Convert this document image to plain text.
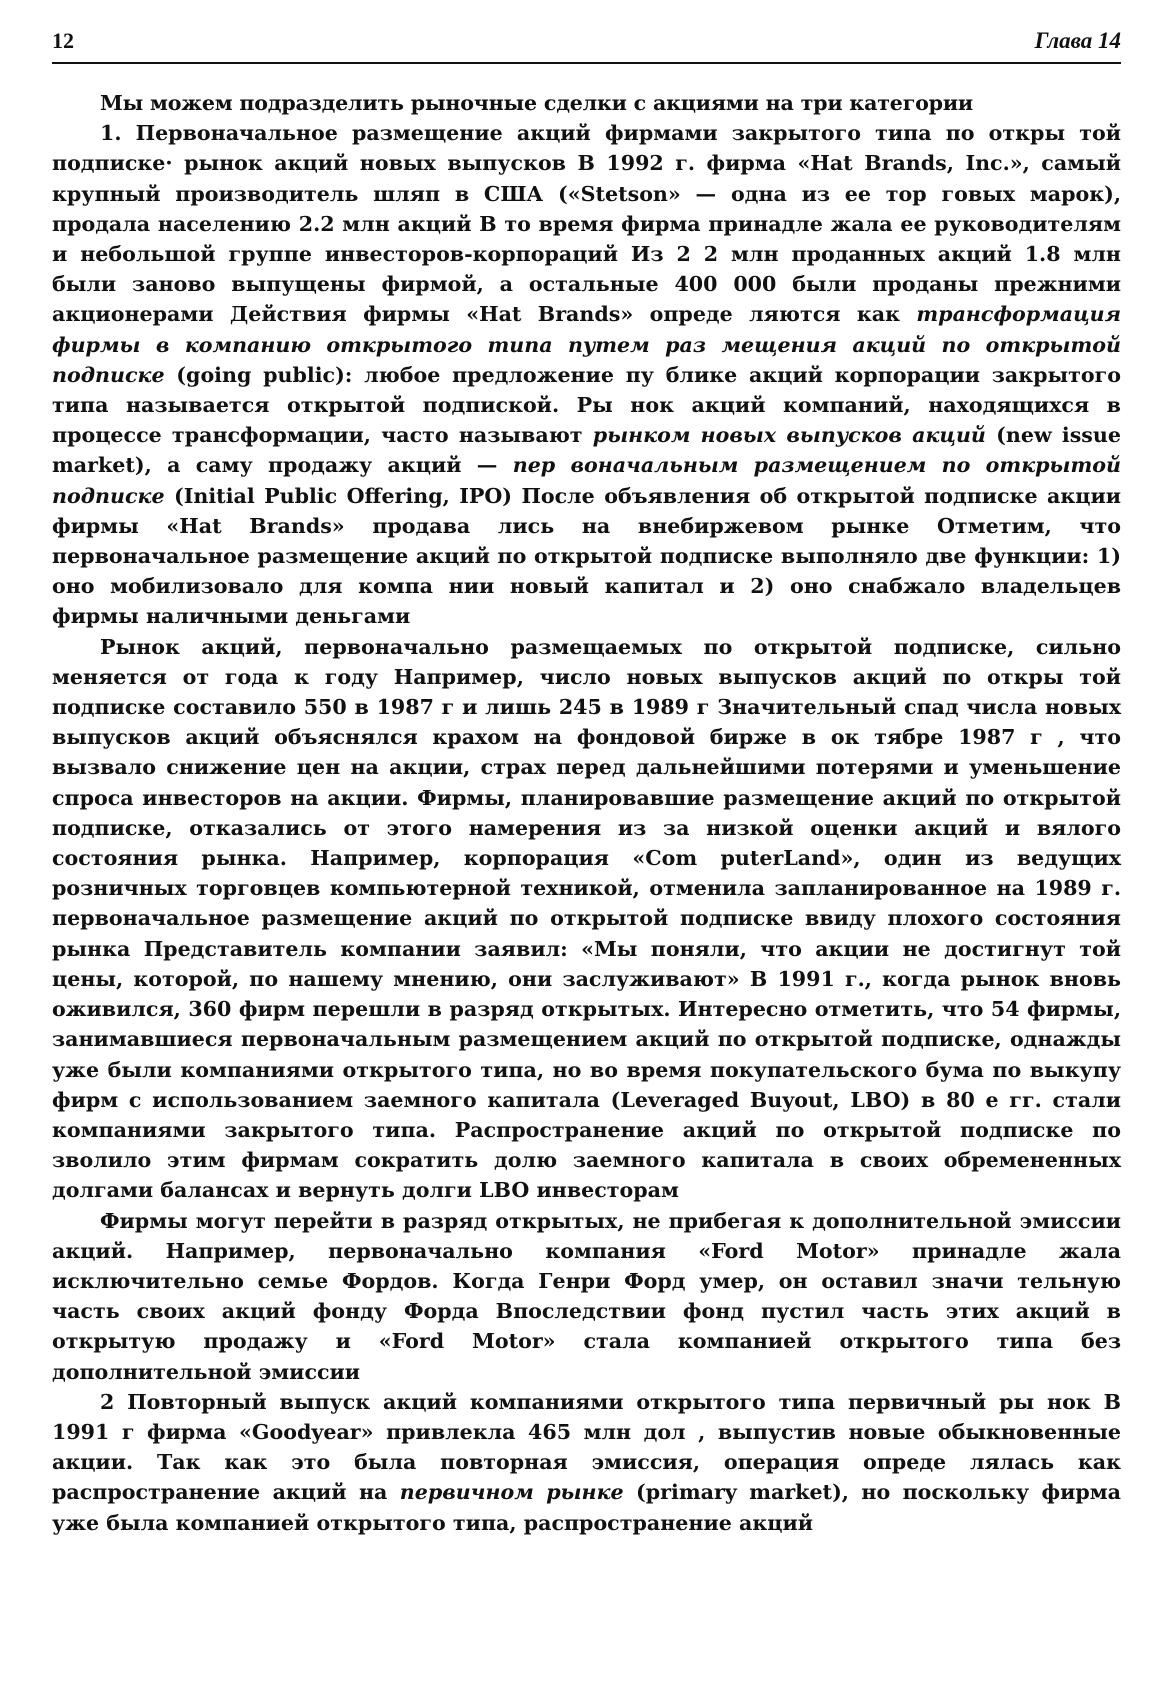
12	Глава 14

Мы можем подразделить рыночные сделки с акциями на три категории

1. Первоначальное размещение акций фирмами закрытого типа по откры той подписке· рынок акций новых выпусков В 1992 г. фирма «Hat Brands, Inc.», самый крупный производитель шляп в США («Stetson» — одна из ее тор говых марок), продала населению 2.2 млн акций В то время фирма принадле жала ее руководителям и небольшой группе инвесторов-корпораций Из 2 2 млн проданных акций 1.8 млн были заново выпущены фирмой, а остальные 400 000 были проданы прежними акционерами Действия фирмы «Hat Brands» опреде ляются как трансформация фирмы в компанию открытого типа путем раз мещения акций по открытой подписке (going public): любое предложение пу блике акций корпорации закрытого типа называется открытой подпиской. Ры нок акций компаний, находящихся в процессе трансформации, часто называют рынком новых выпусков акций (new issue market), а саму продажу акций — пер воначальным размещением по открытой подписке (Initial Public Offering, IPO) После объявления об открытой подписке акции фирмы «Hat Brands» продава лись на внебиржевом рынке Отметим, что первоначальное размещение акций по открытой подписке выполняло две функции: 1) оно мобилизовало для компа нии новый капитал и 2) оно снабжало владельцев фирмы наличными деньгами

Рынок акций, первоначально размещаемых по открытой подписке, сильно меняется от года к году Например, число новых выпусков акций по откры той подписке составило 550 в 1987 г и лишь 245 в 1989 г Значительный спад числа новых выпусков акций объяснялся крахом на фондовой бирже в ок тябре 1987 г , что вызвало снижение цен на акции, страх перед дальнейшими потерями и уменьшение спроса инвесторов на акции. Фирмы, планировавшие размещение акций по открытой подписке, отказались от этого намерения из за низкой оценки акций и вялого состояния рынка. Например, корпорация «Com puterLand», один из ведущих розничных торговцев компьютерной техникой, отменила запланированное на 1989 г. первоначальное размещение акций по открытой подписке ввиду плохого состояния рынка Представитель компании заявил: «Мы поняли, что акции не достигнут той цены, которой, по нашему мнению, они заслуживают» В 1991 г., когда рынок вновь оживился, 360 фирм перешли в разряд открытых. Интересно отметить, что 54 фирмы, занимавшиеся первоначальным размещением акций по открытой подписке, однажды уже были компаниями открытого типа, но во время покупательского бума по выкупу фирм с использованием заемного капитала (Leveraged Buyout, LBO) в 80 е гг. стали компаниями закрытого типа. Распространение акций по открытой подписке по зволило этим фирмам сократить долю заемного капитала в своих обремененных долгами балансах и вернуть долги LBO инвесторам

Фирмы могут перейти в разряд открытых, не прибегая к дополнительной эмиссии акций. Например, первоначально компания «Ford Motor» принадле жала исключительно семье Фордов. Когда Генри Форд умер, он оставил значи тельную часть своих акций фонду Форда Впоследствии фонд пустил часть этих акций в открытую продажу и «Ford Motor» стала компанией открытого типа без дополнительной эмиссии

2 Повторный выпуск акций компаниями открытого типа первичный ры нок В 1991 г фирма «Goodyear» привлекла 465 млн дол , выпустив новые обыкновенные акции. Так как это была повторная эмиссия, операция опреде лялась как распространение акций на первичном рынке (primary market), но поскольку фирма уже была компанией открытого типа, распространение акций
